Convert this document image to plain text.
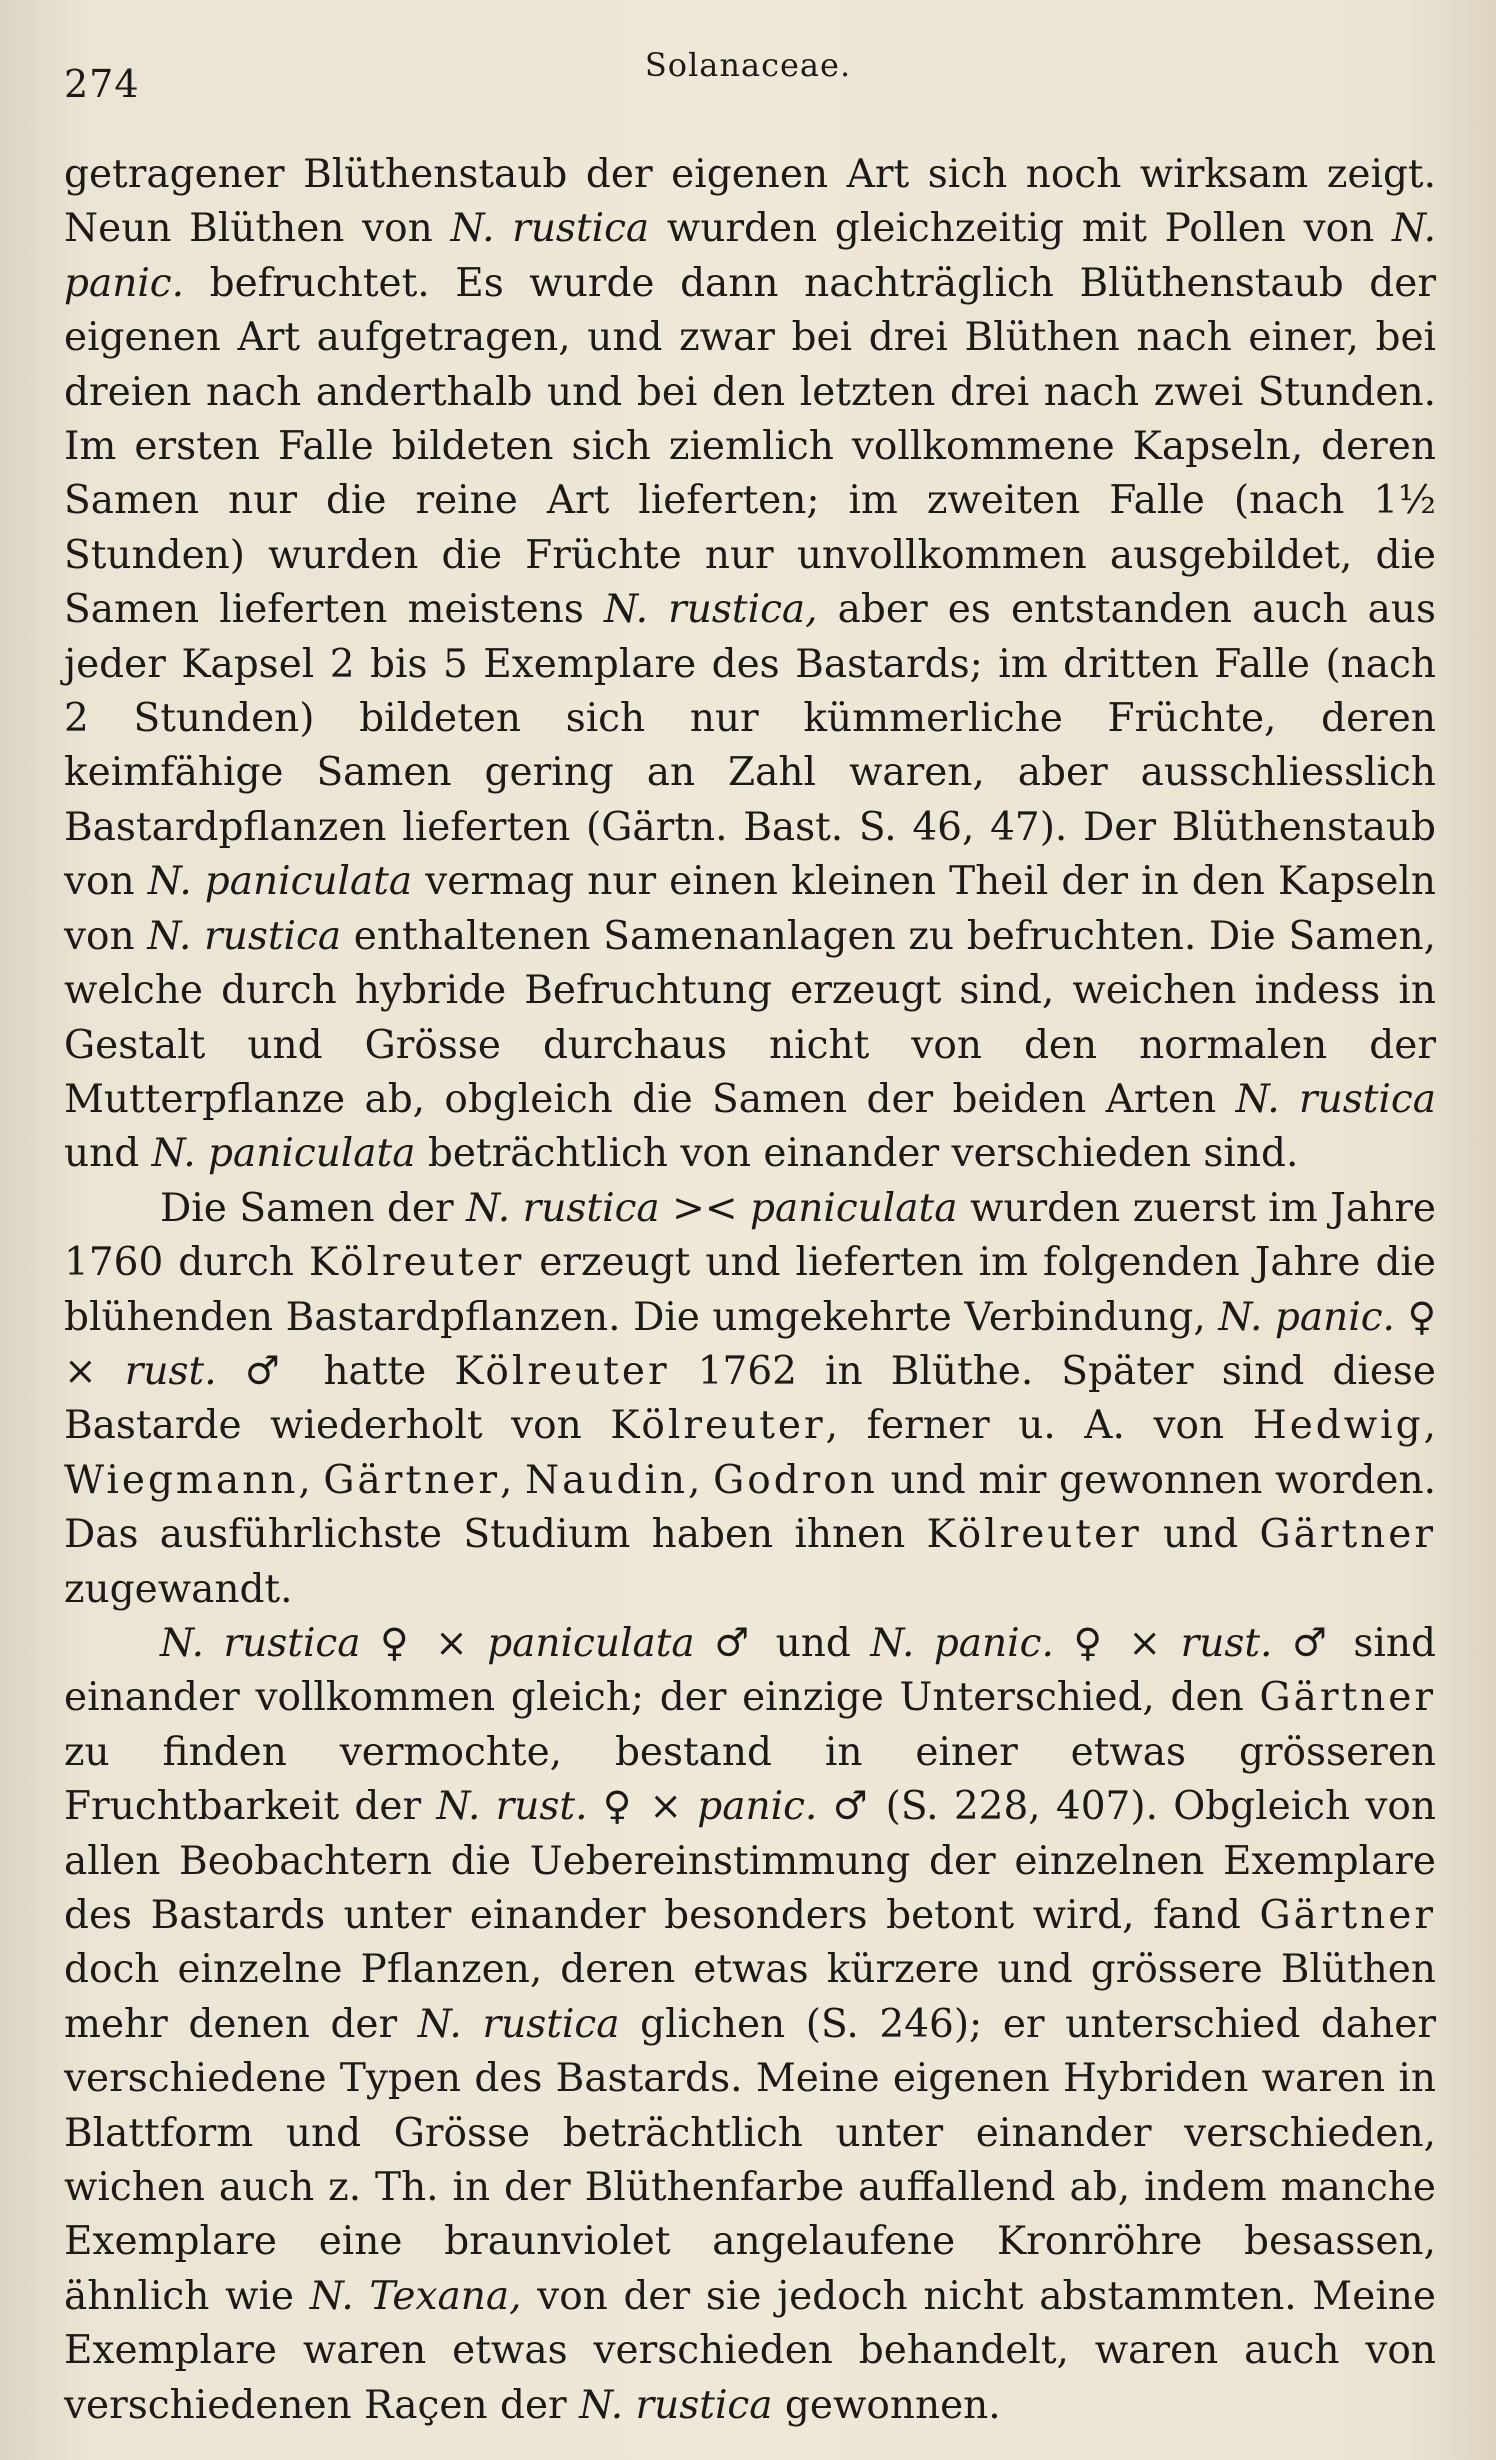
274	Solanaceae.

getragener Blüthenstaub der eigenen Art sich noch wirksam zeigt. Neun Blüthen von N. rustica wurden gleichzeitig mit Pollen von N. panic. befruchtet. Es wurde dann nachträglich Blüthenstaub der eigenen Art aufgetragen, und zwar bei drei Blüthen nach einer, bei dreien nach anderthalb und bei den letzten drei nach zwei Stunden. Im ersten Falle bildeten sich ziemlich vollkommene Kapseln, deren Samen nur die reine Art lieferten; im zweiten Falle (nach 1½ Stunden) wurden die Früchte nur unvollkommen ausgebildet, die Samen lieferten meistens N. rustica, aber es entstanden auch aus jeder Kapsel 2 bis 5 Exemplare des Bastards; im dritten Falle (nach 2 Stunden) bildeten sich nur kümmerliche Früchte, deren keimfähige Samen gering an Zahl waren, aber ausschliesslich Bastardpflanzen lieferten (Gärtn. Bast. S. 46, 47). Der Blüthenstaub von N. paniculata vermag nur einen kleinen Theil der in den Kapseln von N. rustica enthaltenen Samenanlagen zu befruchten. Die Samen, welche durch hybride Befruchtung erzeugt sind, weichen indess in Gestalt und Grösse durchaus nicht von den normalen der Mutterpflanze ab, obgleich die Samen der beiden Arten N. rustica und N. paniculata beträchtlich von einander verschieden sind.

Die Samen der N. rustica >< paniculata wurden zuerst im Jahre 1760 durch Kölreuter erzeugt und lieferten im folgenden Jahre die blühenden Bastardpflanzen. Die umgekehrte Verbindung, N. panic. ♀ × rust. ♂ hatte Kölreuter 1762 in Blüthe. Später sind diese Bastarde wiederholt von Kölreuter, ferner u. A. von Hedwig, Wiegmann, Gärtner, Naudin, Godron und mir gewonnen worden. Das ausführlichste Studium haben ihnen Kölreuter und Gärtner zugewandt.

N. rustica ♀ × paniculata ♂ und N. panic. ♀ × rust. ♂ sind einander vollkommen gleich; der einzige Unterschied, den Gärtner zu finden vermochte, bestand in einer etwas grösseren Fruchtbarkeit der N. rust. ♀ × panic. ♂ (S. 228, 407). Obgleich von allen Beobachtern die Uebereinstimmung der einzelnen Exemplare des Bastards unter einander besonders betont wird, fand Gärtner doch einzelne Pflanzen, deren etwas kürzere und grössere Blüthen mehr denen der N. rustica glichen (S. 246); er unterschied daher verschiedene Typen des Bastards. Meine eigenen Hybriden waren in Blattform und Grösse beträchtlich unter einander verschieden, wichen auch z. Th. in der Blüthenfarbe auffallend ab, indem manche Exemplare eine braunviolet angelaufene Kronröhre besassen, ähnlich wie N. Texana, von der sie jedoch nicht abstammten. Meine Exemplare waren etwas verschieden behandelt, waren auch von verschiedenen Raçen der N. rustica gewonnen.
